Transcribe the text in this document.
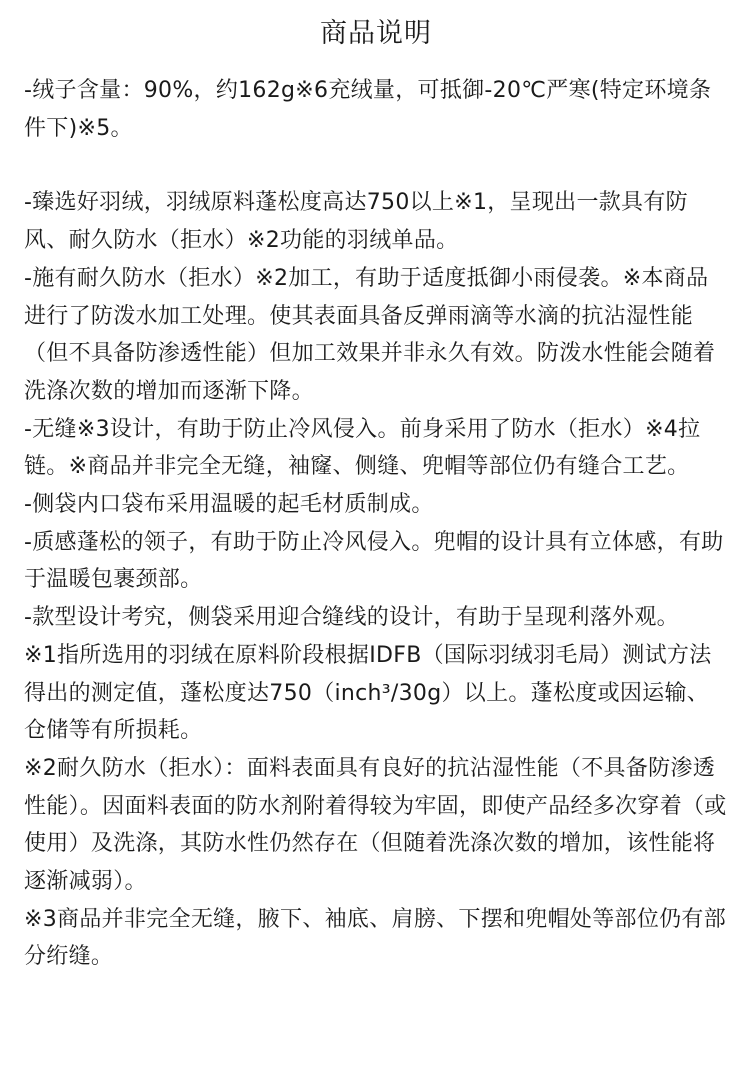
商品说明

-绒子含量：90%，约162g※6充绒量，可抵御-20℃严寒(特定环境条件下)※5。

-臻选好羽绒，羽绒原料蓬松度高达750以上※1，呈现出一款具有防风、耐久防水（拒水）※2功能的羽绒单品。

-施有耐久防水（拒水）※2加工，有助于适度抵御小雨侵袭。※本商品进行了防泼水加工处理。使其表面具备反弹雨滴等水滴的抗沾湿性能（但不具备防渗透性能）但加工效果并非永久有效。防泼水性能会随着洗涤次数的增加而逐渐下降。

-无缝※3设计，有助于防止冷风侵入。前身采用了防水（拒水）※4拉链。※商品并非完全无缝，袖窿、侧缝、兜帽等部位仍有缝合工艺。

-侧袋内口袋布采用温暖的起毛材质制成。

-质感蓬松的领子，有助于防止冷风侵入。兜帽的设计具有立体感，有助于温暖包裹颈部。

-款型设计考究，侧袋采用迎合缝线的设计，有助于呈现利落外观。

※1指所选用的羽绒在原料阶段根据IDFB（国际羽绒羽毛局）测试方法得出的测定值，蓬松度达750（inch³/30g）以上。蓬松度或因运输、仓储等有所损耗。

※2耐久防水（拒水）：面料表面具有良好的抗沾湿性能（不具备防渗透性能）。因面料表面的防水剂附着得较为牢固，即使产品经多次穿着（或使用）及洗涤，其防水性仍然存在（但随着洗涤次数的增加，该性能将逐渐减弱）。

※3商品并非完全无缝，腋下、袖底、肩膀、下摆和兜帽处等部位仍有部分绗缝。
